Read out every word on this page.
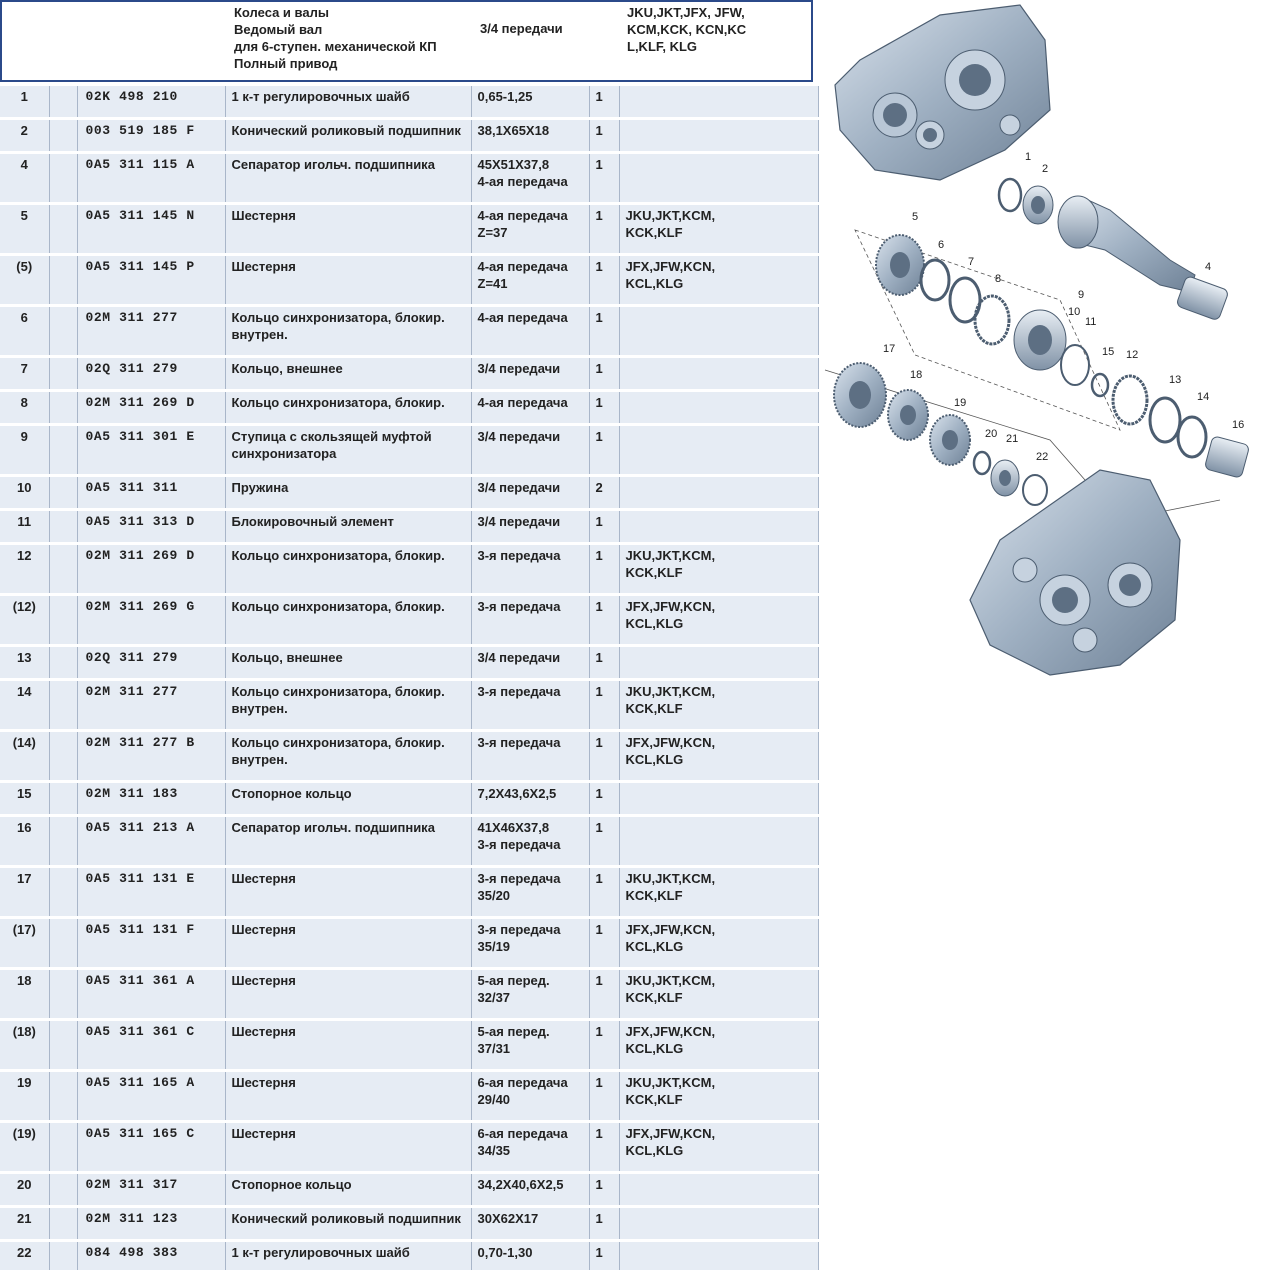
Колеса и валы
Ведомый вал
для 6-ступен. механической КП
Полный привод
3/4 передачи
JKU,JKT,JFX, JFW,KCM,KCK, KCN,KCL,KLF, KLG
1		02K 498 210	1 к-т регулировочных шайб	0,65-1,25	1	
2		003 519 185 F	Конический роликовый подшипник	38,1X65X18	1	
4		0A5 311 115 A	Сепаратор игольч. подшипника	45X51X37,8
4-ая передача	1	
5		0A5 311 145 N	Шестерня	4-ая передача
Z=37	1	JKU,JKT,KCM,
KCK,KLF
(5)		0A5 311 145 P	Шестерня	4-ая передача
Z=41	1	JFX,JFW,KCN,
KCL,KLG
6		02M 311 277	Кольцо синхронизатора, блокир.
внутрен.	4-ая передача	1	
7		02Q 311 279	Кольцо, внешнее	3/4 передачи	1	
8		02M 311 269 D	Кольцо синхронизатора, блокир.	4-ая передача	1	
9		0A5 311 301 E	Ступица с скользящей муфтой
синхронизатора	3/4 передачи	1	
10		0A5 311 311	Пружина	3/4 передачи	2	
11		0A5 311 313 D	Блокировочный элемент	3/4 передачи	1	
12		02M 311 269 D	Кольцо синхронизатора, блокир.	3-я передача	1	JKU,JKT,KCM,
KCK,KLF
(12)		02M 311 269 G	Кольцо синхронизатора, блокир.	3-я передача	1	JFX,JFW,KCN,
KCL,KLG
13		02Q 311 279	Кольцо, внешнее	3/4 передачи	1	
14		02M 311 277	Кольцо синхронизатора, блокир.
внутрен.	3-я передача	1	JKU,JKT,KCM,
KCK,KLF
(14)		02M 311 277 B	Кольцо синхронизатора, блокир.
внутрен.	3-я передача	1	JFX,JFW,KCN,
KCL,KLG
15		02M 311 183	Стопорное кольцо	7,2X43,6X2,5	1	
16		0A5 311 213 A	Сепаратор игольч. подшипника	41X46X37,8
3-я передача	1	
17		0A5 311 131 E	Шестерня	3-я передача
35/20	1	JKU,JKT,KCM,
KCK,KLF
(17)		0A5 311 131 F	Шестерня	3-я передача
35/19	1	JFX,JFW,KCN,
KCL,KLG
18		0A5 311 361 A	Шестерня	5-ая перед.
32/37	1	JKU,JKT,KCM,
KCK,KLF
(18)		0A5 311 361 C	Шестерня	5-ая перед.
37/31	1	JFX,JFW,KCN,
KCL,KLG
19		0A5 311 165 A	Шестерня	6-ая передача
29/40	1	JKU,JKT,KCM,
KCK,KLF
(19)		0A5 311 165 C	Шестерня	6-ая передача
34/35	1	JFX,JFW,KCN,
KCL,KLG
20		02M 311 317	Стопорное кольцо	34,2X40,6X2,5	1	
21		02M 311 123	Конический роликовый подшипник	30X62X17	1	
22		084 498 383	1 к-т регулировочных шайб	0,70-1,30	1	
1
2
4
5
6
7
8
9
10
11
15 12
13
14
16
17
18
19
20 21
22
